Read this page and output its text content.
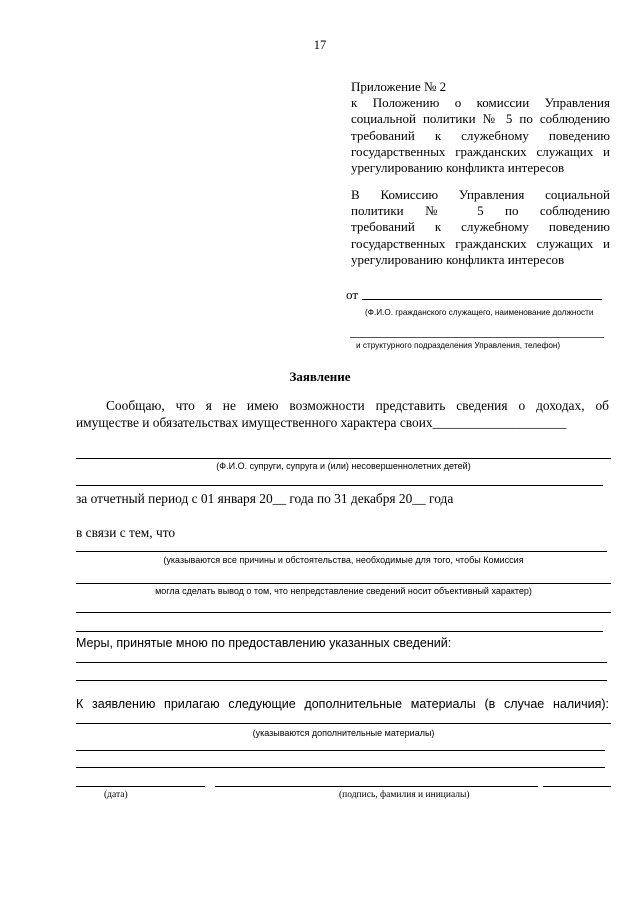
17
Приложение № 2
к Положению о комиссии Управления
социальной политики № 5 по соблюдению
требований к служебному поведению
государственных гражданских служащих и
урегулированию конфликта интересов
В Комиссию Управления социальной
политики № 5 по соблюдению
требований к служебному поведению
государственных гражданских служащих и
урегулированию конфликта интересов
от
(Ф.И.О. гражданского служащего, наименование должности
и структурного подразделения Управления, телефон)
Заявление
Сообщаю, что я не имею возможности представить сведения о доходах, об
имуществе и обязательствах имущественного характера своих____________________
(Ф.И.О. супруги, супруга и (или) несовершеннолетних детей)
за отчетный период с 01 января 20__ года по 31 декабря 20__ года
в связи с тем, что
(указываются все причины и обстоятельства, необходимые для того, чтобы Комиссия
могла сделать вывод о том, что непредставление сведений носит объективный характер)
Меры, принятые мною по предоставлению указанных сведений:
К заявлению прилагаю следующие дополнительные материалы (в случае наличия):
(указываются дополнительные материалы)
(дата)	(подпись, фамилия и инициалы)
